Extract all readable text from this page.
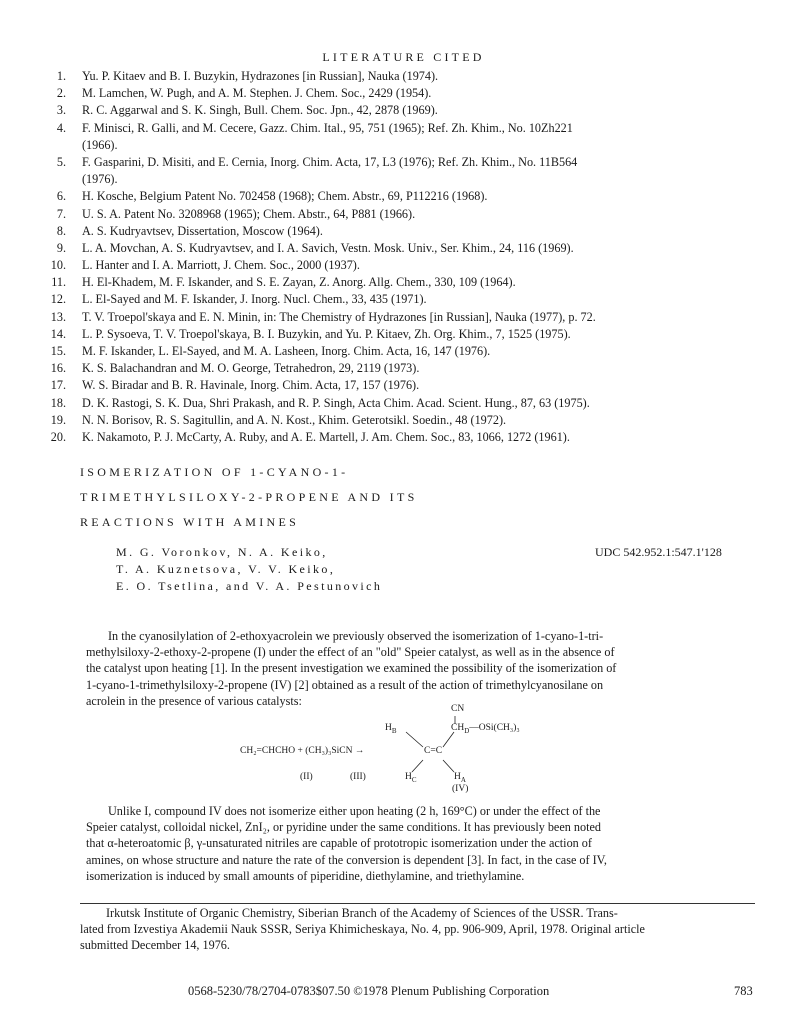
LITERATURE CITED
1. Yu. P. Kitaev and B. I. Buzykin, Hydrazones [in Russian], Nauka (1974).
2. M. Lamchen, W. Pugh, and A. M. Stephen. J. Chem. Soc., 2429 (1954).
3. R. C. Aggarwal and S. K. Singh, Bull. Chem. Soc. Jpn., 42, 2878 (1969).
4. F. Minisci, R. Galli, and M. Cecere, Gazz. Chim. Ital., 95, 751 (1965); Ref. Zh. Khim., No. 10Zh221
(1966).
5. F. Gasparini, D. Misiti, and E. Cernia, Inorg. Chim. Acta, 17, L3 (1976); Ref. Zh. Khim., No. 11B564
(1976).
6. H. Kosche, Belgium Patent No. 702458 (1968); Chem. Abstr., 69, P112216 (1968).
7. U. S. A. Patent No. 3208968 (1965); Chem. Abstr., 64, P881 (1966).
8. A. S. Kudryavtsev, Dissertation, Moscow (1964).
9. L. A. Movchan, A. S. Kudryavtsev, and I. A. Savich, Vestn. Mosk. Univ., Ser. Khim., 24, 116 (1969).
10. L. Hanter and I. A. Marriott, J. Chem. Soc., 2000 (1937).
11. H. El-Khadem, M. F. Iskander, and S. E. Zayan, Z. Anorg. Allg. Chem., 330, 109 (1964).
12. L. El-Sayed and M. F. Iskander, J. Inorg. Nucl. Chem., 33, 435 (1971).
13. T. V. Troepol'skaya and E. N. Minin, in: The Chemistry of Hydrazones [in Russian], Nauka (1977), p. 72.
14. L. P. Sysoeva, T. V. Troepol'skaya, B. I. Buzykin, and Yu. P. Kitaev, Zh. Org. Khim., 7, 1525 (1975).
15. M. F. Iskander, L. El-Sayed, and M. A. Lasheen, Inorg. Chim. Acta, 16, 147 (1976).
16. K. S. Balachandran and M. O. George, Tetrahedron, 29, 2119 (1973).
17. W. S. Biradar and B. R. Havinale, Inorg. Chim. Acta, 17, 157 (1976).
18. D. K. Rastogi, S. K. Dua, Shri Prakash, and R. P. Singh, Acta Chim. Acad. Scient. Hung., 87, 63 (1975).
19. N. N. Borisov, R. S. Sagitullin, and A. N. Kost., Khim. Geterotsikl. Soedin., 48 (1972).
20. K. Nakamoto, P. J. McCarty, A. Ruby, and A. E. Martell, J. Am. Chem. Soc., 83, 1066, 1272 (1961).
ISOMERIZATION OF 1-CYANO-1-
TRIMETHYLSILOXY-2-PROPENE AND ITS
REACTIONS WITH AMINES
M. G. Voronkov, N. A. Keiko,
T. A. Kuznetsova, V. V. Keiko,
E. O. Tsetlina, and V. A. Pestunovich
UDC 542.952.1:547.1'128
In the cyanosilylation of 2-ethoxyacrolein we previously observed the isomerization of 1-cyano-1-tri-
methylsiloxy-2-ethoxy-2-propene (I) under the effect of an "old" Speier catalyst, as well as in the absence of
the catalyst upon heating [1]. In the present investigation we examined the possibility of the isomerization of
1-cyano-1-trimethylsiloxy-2-propene (IV) [2] obtained as a result of the action of trimethylcyanosilane on
acrolein in the presence of various catalysts:
CN
$H_B$	$CH_D—OSi(CH_3)_3$
CH₂=CHCHO + (CH₃)₃SiCN →	C=C
(II)	(III)	$H_C$	$H_A$
(IV)
Unlike I, compound IV does not isomerize either upon heating (2 h, 169°C) or under the effect of the
Speier catalyst, colloidal nickel, ZnI₂, or pyridine under the same conditions. It has previously been noted
that α-heteroatomic β, γ-unsaturated nitriles are capable of prototropic isomerization under the action of
amines, on whose structure and nature the rate of the conversion is dependent [3]. In fact, in the case of IV,
isomerization is induced by small amounts of piperidine, diethylamine, and triethylamine.
Irkutsk Institute of Organic Chemistry, Siberian Branch of the Academy of Sciences of the USSR. Trans-
lated from Izvestiya Akademii Nauk SSSR, Seriya Khimicheskaya, No. 4, pp. 906-909, April, 1978. Original article
submitted December 14, 1976.
0568-5230/78/2704-0783$07.50 ©1978 Plenum Publishing Corporation	783
